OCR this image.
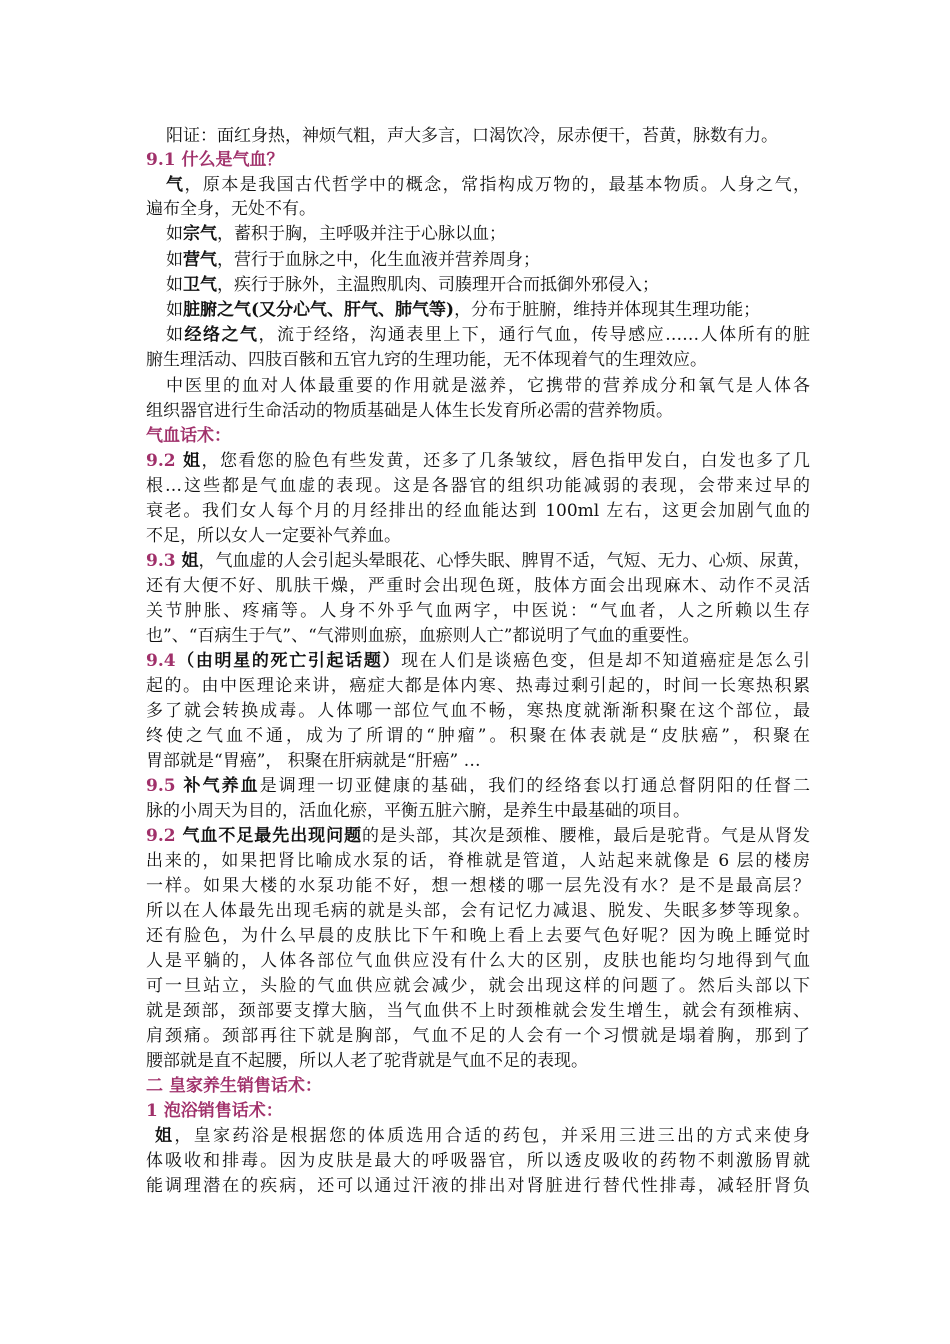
阳证：面红身热，神烦气粗，声大多言，口渴饮冷，尿赤便干，苔黄，脉数有力。
9.1 什么是气血？
气，原本是我国古代哲学中的概念，常指构成万物的，最基本物质。人身之气，
遍布全身，无处不有。
如宗气，蓄积于胸，主呼吸并注于心脉以血；
如营气，营行于血脉之中，化生血液并营养周身；
如卫气，疾行于脉外，主温煦肌肉、司腠理开合而抵御外邪侵入；
如脏腑之气(又分心气、肝气、肺气等)，分布于脏腑，维持并体现其生理功能；
如经络之气，流于经络，沟通表里上下，通行气血，传导感应……人体所有的脏
腑生理活动、四肢百骸和五官九窍的生理功能，无不体现着气的生理效应。
中医里的血对人体最重要的作用就是滋养，它携带的营养成分和氧气是人体各
组织器官进行生命活动的物质基础是人体生长发育所必需的营养物质。
气血话术：
9.2 姐，您看您的脸色有些发黄，还多了几条皱纹，唇色指甲发白，白发也多了几
根…这些都是气血虚的表现。这是各器官的组织功能减弱的表现，会带来过早的
衰老。我们女人每个月的月经排出的经血能达到 100ml 左右，这更会加剧气血的
不足，所以女人一定要补气养血。
9.3 姐，气血虚的人会引起头晕眼花、心悸失眠、脾胃不适，气短、无力、心烦、尿黄，
还有大便不好、肌肤干燥，严重时会出现色斑，肢体方面会出现麻木、动作不灵活
关节肿胀、疼痛等。人身不外乎气血两字，中医说：“气血者，人之所赖以生存
也”、“百病生于气”、“气滞则血瘀，血瘀则人亡”都说明了气血的重要性。
9.4（由明星的死亡引起话题）现在人们是谈癌色变，但是却不知道癌症是怎么引
起的。由中医理论来讲，癌症大都是体内寒、热毒过剩引起的，时间一长寒热积累
多了就会转换成毒。人体哪一部位气血不畅，寒热度就渐渐积聚在这个部位，最
终使之气血不通，成为了所谓的“肿瘤”。积聚在体表就是“皮肤癌”，积聚在
胃部就是“胃癌”， 积聚在肝病就是“肝癌” …
9.5 补气养血是调理一切亚健康的基础，我们的经络套以打通总督阴阳的任督二
脉的小周天为目的，活血化瘀，平衡五脏六腑，是养生中最基础的项目。
9.2 气血不足最先出现问题的是头部，其次是颈椎、腰椎，最后是驼背。气是从肾发
出来的，如果把肾比喻成水泵的话，脊椎就是管道，人站起来就像是 6 层的楼房
一样。如果大楼的水泵功能不好，想一想楼的哪一层先没有水？是不是最高层？
所以在人体最先出现毛病的就是头部，会有记忆力减退、脱发、失眠多梦等现象。
还有脸色，为什么早晨的皮肤比下午和晚上看上去要气色好呢？因为晚上睡觉时
人是平躺的，人体各部位气血供应没有什么大的区别，皮肤也能均匀地得到气血
可一旦站立，头脸的气血供应就会减少，就会出现这样的问题了。然后头部以下
就是颈部，颈部要支撑大脑，当气血供不上时颈椎就会发生增生，就会有颈椎病、
肩颈痛。颈部再往下就是胸部，气血不足的人会有一个习惯就是塌着胸，那到了
腰部就是直不起腰，所以人老了驼背就是气血不足的表现。
二 皇家养生销售话术：
1 泡浴销售话术：
姐，皇家药浴是根据您的体质选用合适的药包，并采用三进三出的方式来使身
体吸收和排毒。因为皮肤是最大的呼吸器官，所以透皮吸收的药物不刺激肠胃就
能调理潜在的疾病，还可以通过汗液的排出对肾脏进行替代性排毒，减轻肝肾负
